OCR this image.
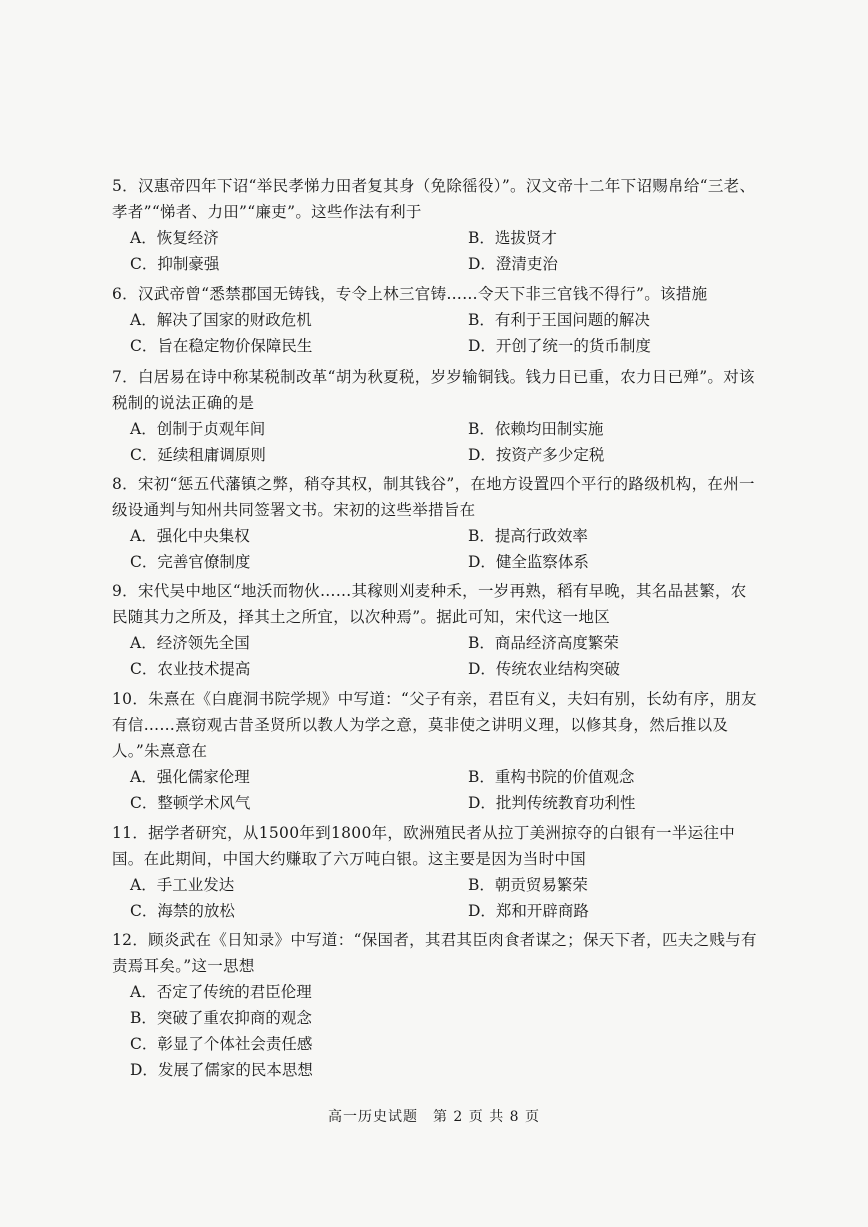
5．汉惠帝四年下诏“举民孝悌力田者复其身（免除徭役）”。汉文帝十二年下诏赐帛给“三老、孝者”“悌者、力田”“廉吏”。这些作法有利于

A．恢复经济	B．选拔贤才
C．抑制豪强	D．澄清吏治

6．汉武帝曾“悉禁郡国无铸钱，专令上林三官铸……令天下非三官钱不得行”。该措施

A．解决了国家的财政危机	B．有利于王国问题的解决
C．旨在稳定物价保障民生	D．开创了统一的货币制度

7．白居易在诗中称某税制改革“胡为秋夏税，岁岁输铜钱。钱力日已重，农力日已殚”。对该税制的说法正确的是

A．创制于贞观年间	B．依赖均田制实施
C．延续租庸调原则	D．按资产多少定税

8．宋初“惩五代藩镇之弊，稍夺其权，制其钱谷”，在地方设置四个平行的路级机构，在州一级设通判与知州共同签署文书。宋初的这些举措旨在

A．强化中央集权	B．提高行政效率
C．完善官僚制度	D．健全监察体系

9．宋代吴中地区“地沃而物伙……其稼则刈麦种禾，一岁再熟，稻有早晚，其名品甚繁，农民随其力之所及，择其土之所宜，以次种焉”。据此可知，宋代这一地区

A．经济领先全国	B．商品经济高度繁荣
C．农业技术提高	D．传统农业结构突破

10．朱熹在《白鹿洞书院学规》中写道：“父子有亲，君臣有义，夫妇有别，长幼有序，朋友有信……熹窃观古昔圣贤所以教人为学之意，莫非使之讲明义理，以修其身，然后推以及人。”朱熹意在

A．强化儒家伦理	B．重构书院的价值观念
C．整顿学术风气	D．批判传统教育功利性

11．据学者研究，从1500年到1800年，欧洲殖民者从拉丁美洲掠夺的白银有一半运往中国。在此期间，中国大约赚取了六万吨白银。这主要是因为当时中国

A．手工业发达	B．朝贡贸易繁荣
C．海禁的放松	D．郑和开辟商路

12．顾炎武在《日知录》中写道：“保国者，其君其臣肉食者谋之；保天下者，匹夫之贱与有责焉耳矣。”这一思想

A．否定了传统的君臣伦理
B．突破了重农抑商的观念
C．彰显了个体社会责任感
D．发展了儒家的民本思想
高一历史试题　第 2 页 共 8 页
